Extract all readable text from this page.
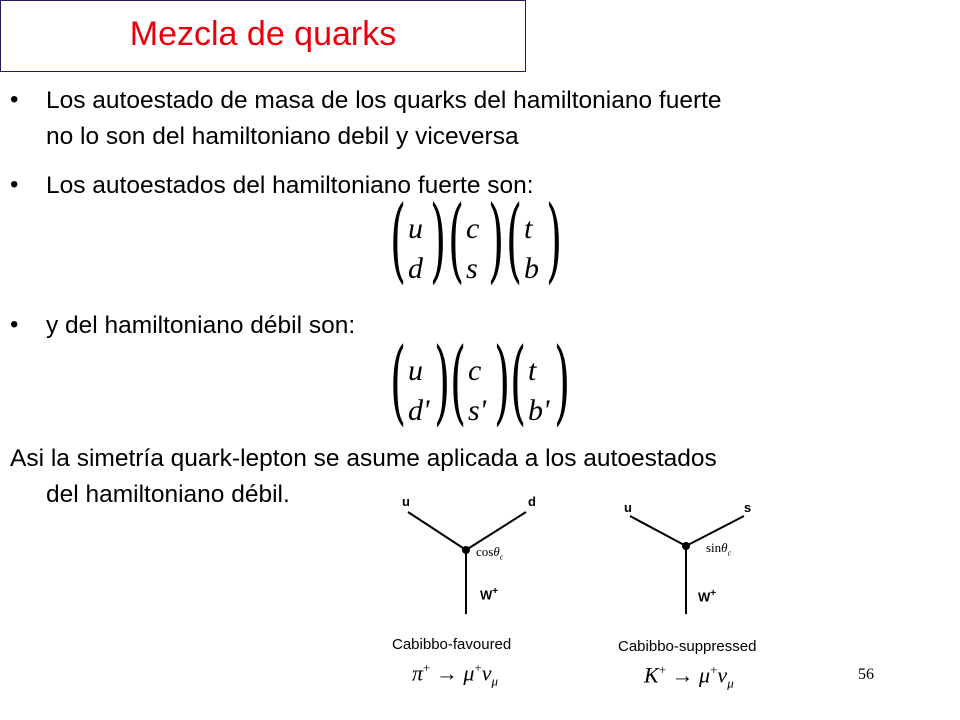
Mezcla de quarks
• Los autoestado de masa de los quarks del hamiltoniano fuerte
no lo son del hamiltoniano debil y viceversa
• Los autoestados del hamiltoniano fuerte son:
( u
d ) ( c
s ) ( t
b )
• y del hamiltoniano débil son:
( u
d' ) ( c
s' ) ( t
b' )
Asi la simetría quark-lepton se asume aplicada a los autoestados
del hamiltoniano débil.	u	d
cosθ$_c$
W+
Cabibbo-favoured
$\pi^+ \to \mu^+\nu_\mu$
u	s
sinθ$_c$
W+
Cabibbo-suppressed
$K^+ \to \mu^+\nu_\mu$
56
